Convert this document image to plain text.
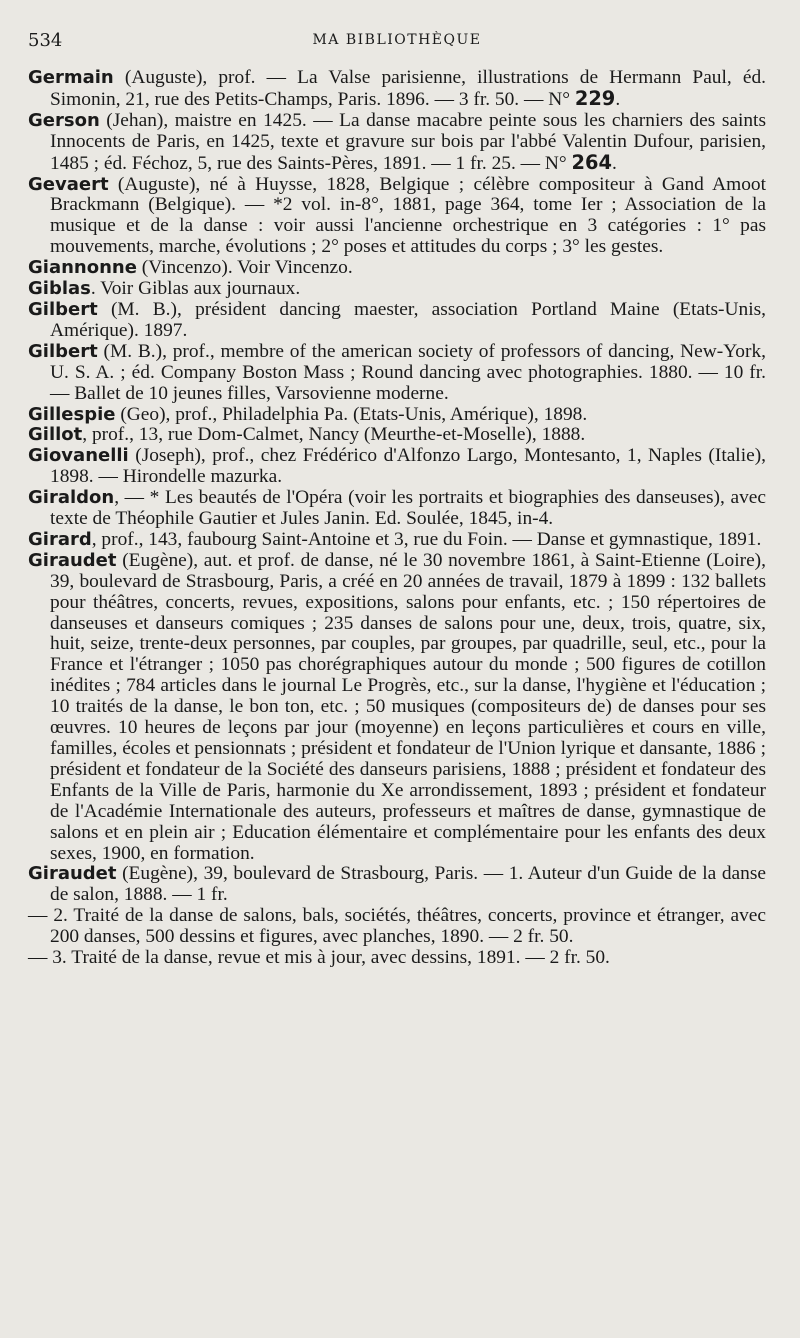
534	MA BIBLIOTHÈQUE

Germain (Auguste), prof. — La Valse parisienne, illustrations de Hermann Paul, éd. Simonin, 21, rue des Petits-Champs, Paris. 1896. — 3 fr. 50. — N° 229.

Gerson (Jehan), maistre en 1425. — La danse macabre peinte sous les charniers des saints Innocents de Paris, en 1425, texte et gravure sur bois par l'abbé Valentin Dufour, parisien, 1485 ; éd. Féchoz, 5, rue des Saints-Pères, 1891. — 1 fr. 25. — N° 264.

Gevaert (Auguste), né à Huysse, 1828, Belgique ; célèbre compositeur à Gand Amoot Brackmann (Belgique). — *2 vol. in-8°, 1881, page 364, tome Ier ; Association de la musique et de la danse : voir aussi l'ancienne orchestrique en 3 catégories : 1° pas mouvements, marche, évolutions ; 2° poses et attitudes du corps ; 3° les gestes.

Giannonne (Vincenzo). Voir Vincenzo.

Giblas. Voir Giblas aux journaux.

Gilbert (M. B.), président dancing maester, association Portland Maine (Etats-Unis, Amérique). 1897.

Gilbert (M. B.), prof., membre of the american society of professors of dancing, New-York, U. S. A. ; éd. Company Boston Mass ; Round dancing avec photographies. 1880. — 10 fr. — Ballet de 10 jeunes filles, Varsovienne moderne.

Gillespie (Geo), prof., Philadelphia Pa. (Etats-Unis, Amérique), 1898.

Gillot, prof., 13, rue Dom-Calmet, Nancy (Meurthe-et-Moselle), 1888.

Giovanelli (Joseph), prof., chez Frédérico d'Alfonzo Largo, Montesanto, 1, Naples (Italie), 1898. — Hirondelle mazurka.

Giraldon, — * Les beautés de l'Opéra (voir les portraits et biographies des danseuses), avec texte de Théophile Gautier et Jules Janin. Ed. Soulée, 1845, in-4.

Girard, prof., 143, faubourg Saint-Antoine et 3, rue du Foin. — Danse et gymnastique, 1891.

Giraudet (Eugène), aut. et prof. de danse, né le 30 novembre 1861, à Saint-Etienne (Loire), 39, boulevard de Strasbourg, Paris, a créé en 20 années de travail, 1879 à 1899 : 132 ballets pour théâtres, concerts, revues, expositions, salons pour enfants, etc. ; 150 répertoires de danseuses et danseurs comiques ; 235 danses de salons pour une, deux, trois, quatre, six, huit, seize, trente-deux personnes, par couples, par groupes, par quadrille, seul, etc., pour la France et l'étranger ; 1050 pas chorégraphiques autour du monde ; 500 figures de cotillon inédites ; 784 articles dans le journal Le Progrès, etc., sur la danse, l'hygiène et l'éducation ; 10 traités de la danse, le bon ton, etc. ; 50 musiques (compositeurs de) de danses pour ses œuvres. 10 heures de leçons par jour (moyenne) en leçons particulières et cours en ville, familles, écoles et pensionnats ; président et fondateur de l'Union lyrique et dansante, 1886 ; président et fondateur de la Société des danseurs parisiens, 1888 ; président et fondateur des Enfants de la Ville de Paris, harmonie du Xe arrondissement, 1893 ; président et fondateur de l'Académie Internationale des auteurs, professeurs et maîtres de danse, gymnastique de salons et en plein air ; Education élémentaire et complémentaire pour les enfants des deux sexes, 1900, en formation.

Giraudet (Eugène), 39, boulevard de Strasbourg, Paris. — 1. Auteur d'un Guide de la danse de salon, 1888. — 1 fr.

— 2. Traité de la danse de salons, bals, sociétés, théâtres, concerts, province et étranger, avec 200 danses, 500 dessins et figures, avec planches, 1890. — 2 fr. 50.

— 3. Traité de la danse, revue et mis à jour, avec dessins, 1891. — 2 fr. 50.
